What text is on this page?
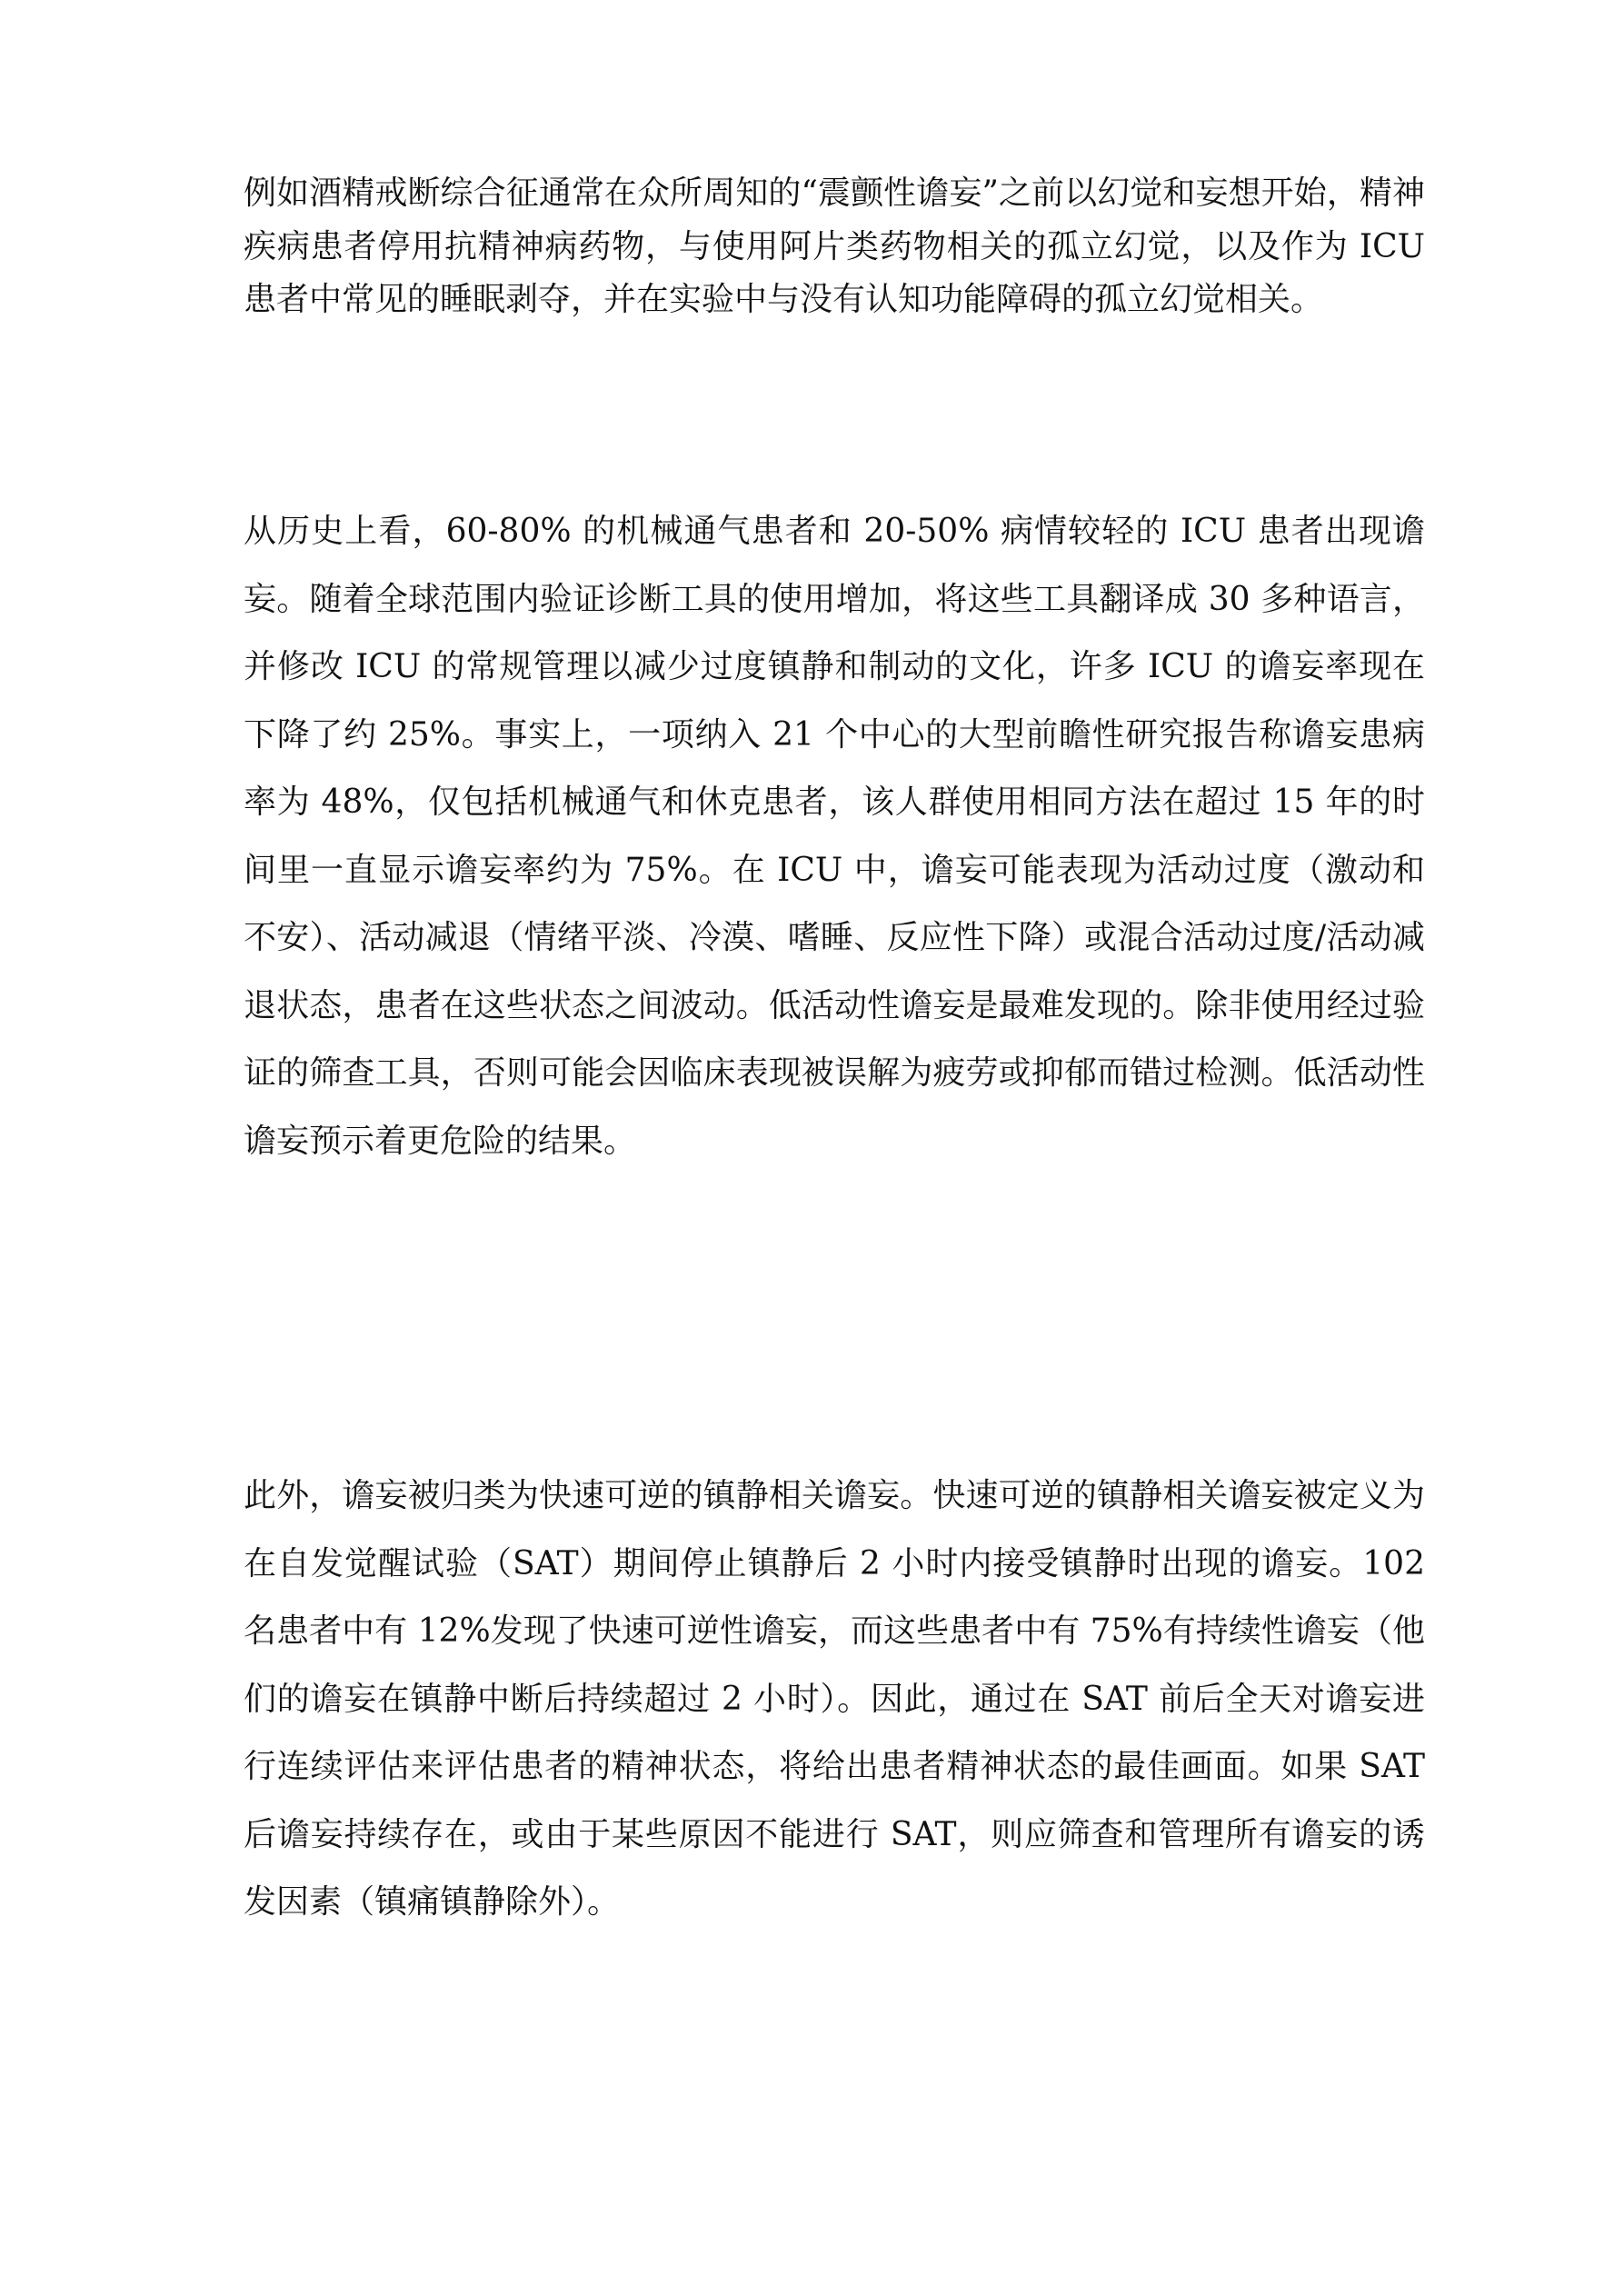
例如酒精戒断综合征通常在众所周知的“震颤性谵妄”之前以幻觉和妄想开始，精神疾病患者停用抗精神病药物，与使用阿片类药物相关的孤立幻觉，以及作为 ICU 患者中常见的睡眠剥夺，并在实验中与没有认知功能障碍的孤立幻觉相关。

从历史上看，60-80% 的机械通气患者和 20-50% 病情较轻的 ICU 患者出现谵妄。随着全球范围内验证诊断工具的使用增加，将这些工具翻译成 30 多种语言，并修改 ICU 的常规管理以减少过度镇静和制动的文化，许多 ICU 的谵妄率现在下降了约 25%。事实上，一项纳入 21 个中心的大型前瞻性研究报告称谵妄患病率为 48%，仅包括机械通气和休克患者，该人群使用相同方法在超过 15 年的时间里一直显示谵妄率约为 75%。在 ICU 中，谵妄可能表现为活动过度（激动和不安）、活动减退（情绪平淡、冷漠、嗜睡、反应性下降）或混合活动过度/活动减退状态，患者在这些状态之间波动。低活动性谵妄是最难发现的。除非使用经过验证的筛查工具，否则可能会因临床表现被误解为疲劳或抑郁而错过检测。低活动性谵妄预示着更危险的结果。

此外，谵妄被归类为快速可逆的镇静相关谵妄。快速可逆的镇静相关谵妄被定义为在自发觉醒试验（SAT）期间停止镇静后 2 小时内接受镇静时出现的谵妄。102 名患者中有 12%发现了快速可逆性谵妄，而这些患者中有 75%有持续性谵妄（他们的谵妄在镇静中断后持续超过 2 小时）。因此，通过在 SAT 前后全天对谵妄进行连续评估来评估患者的精神状态，将给出患者精神状态的最佳画面。如果 SAT 后谵妄持续存在，或由于某些原因不能进行 SAT，则应筛查和管理所有谵妄的诱发因素（镇痛镇静除外）。
